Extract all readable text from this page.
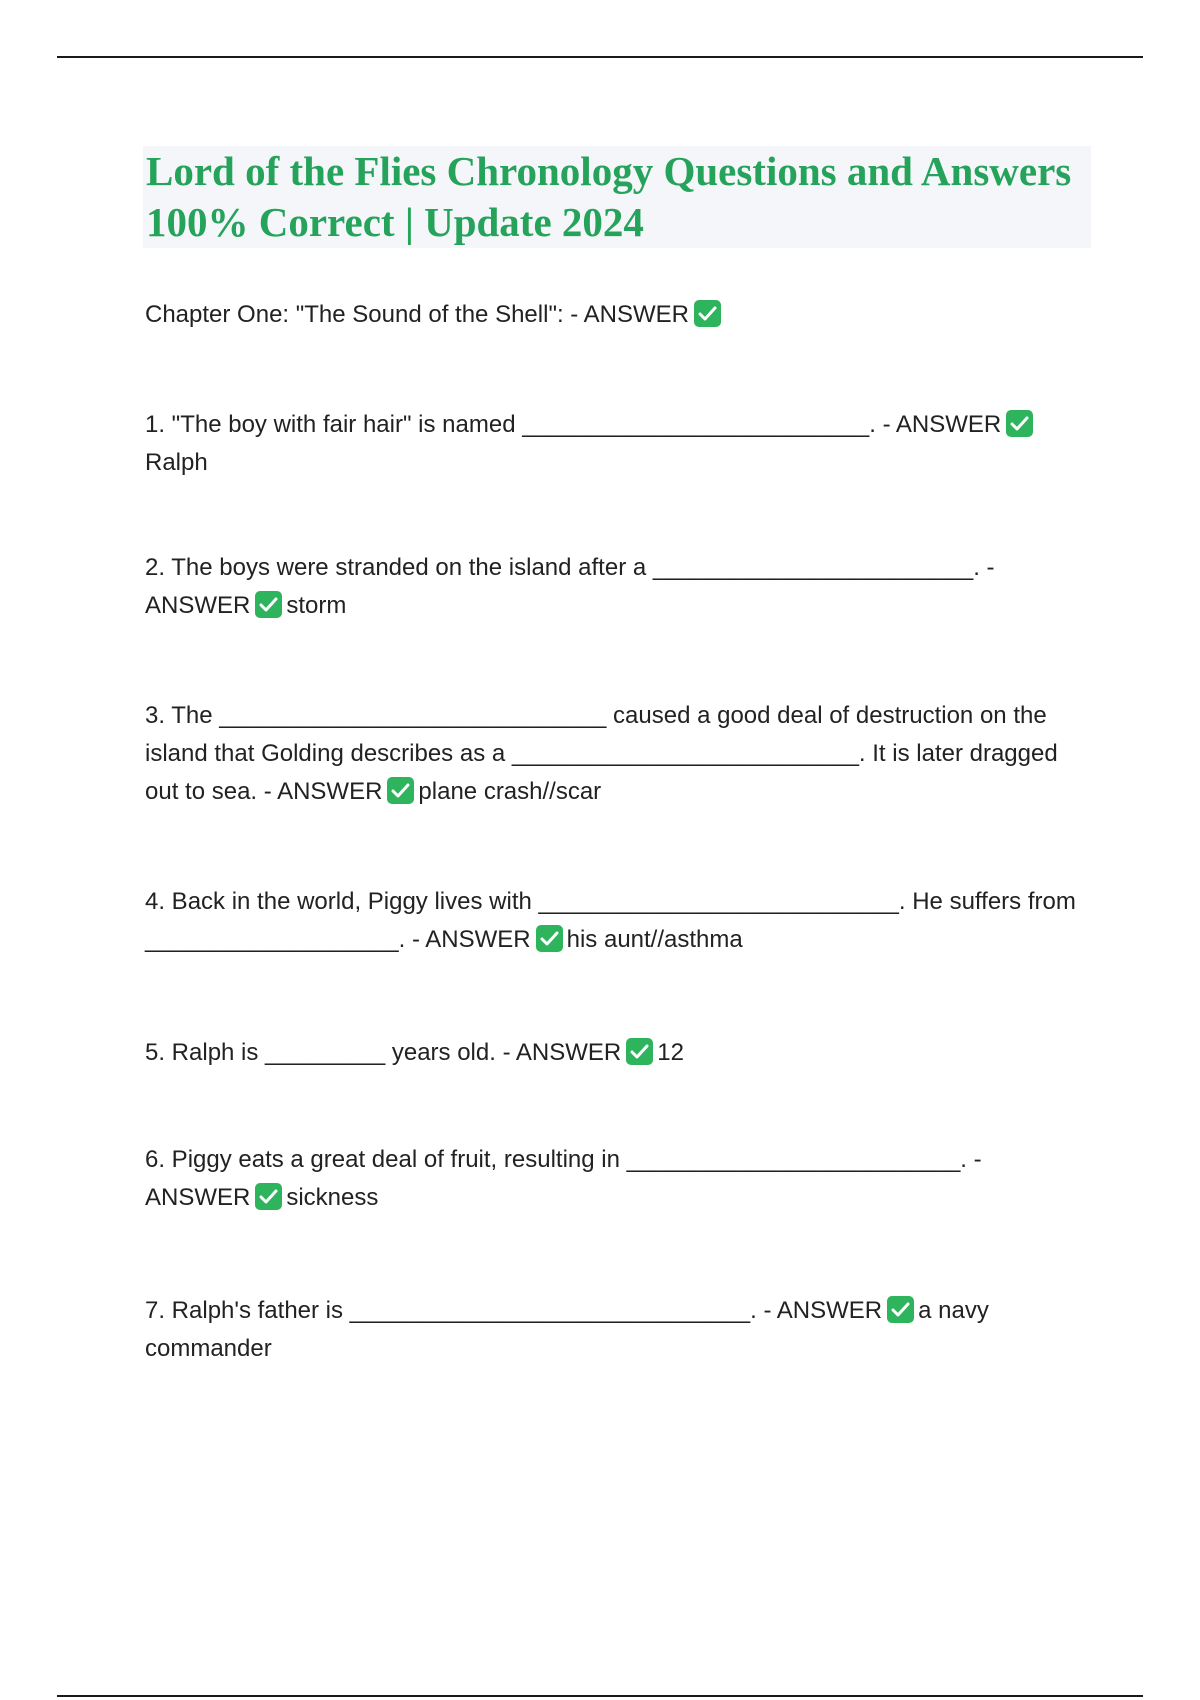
Lord of the Flies Chronology Questions and Answers 100% Correct | Update 2024

Chapter One: "The Sound of the Shell": - ANSWER

1. "The boy with fair hair" is named __________________________. - ANSWER
Ralph

2. The boys were stranded on the island after a ________________________. - ANSWER storm

3. The _____________________________ caused a good deal of destruction on the island that Golding describes as a __________________________. It is later dragged out to sea. - ANSWER plane crash//scar

4. Back in the world, Piggy lives with ___________________________. He suffers from ___________________. - ANSWER his aunt//asthma

5. Ralph is _________ years old. - ANSWER 12

6. Piggy eats a great deal of fruit, resulting in _________________________. - ANSWER sickness

7. Ralph's father is ______________________________. - ANSWER a navy commander
